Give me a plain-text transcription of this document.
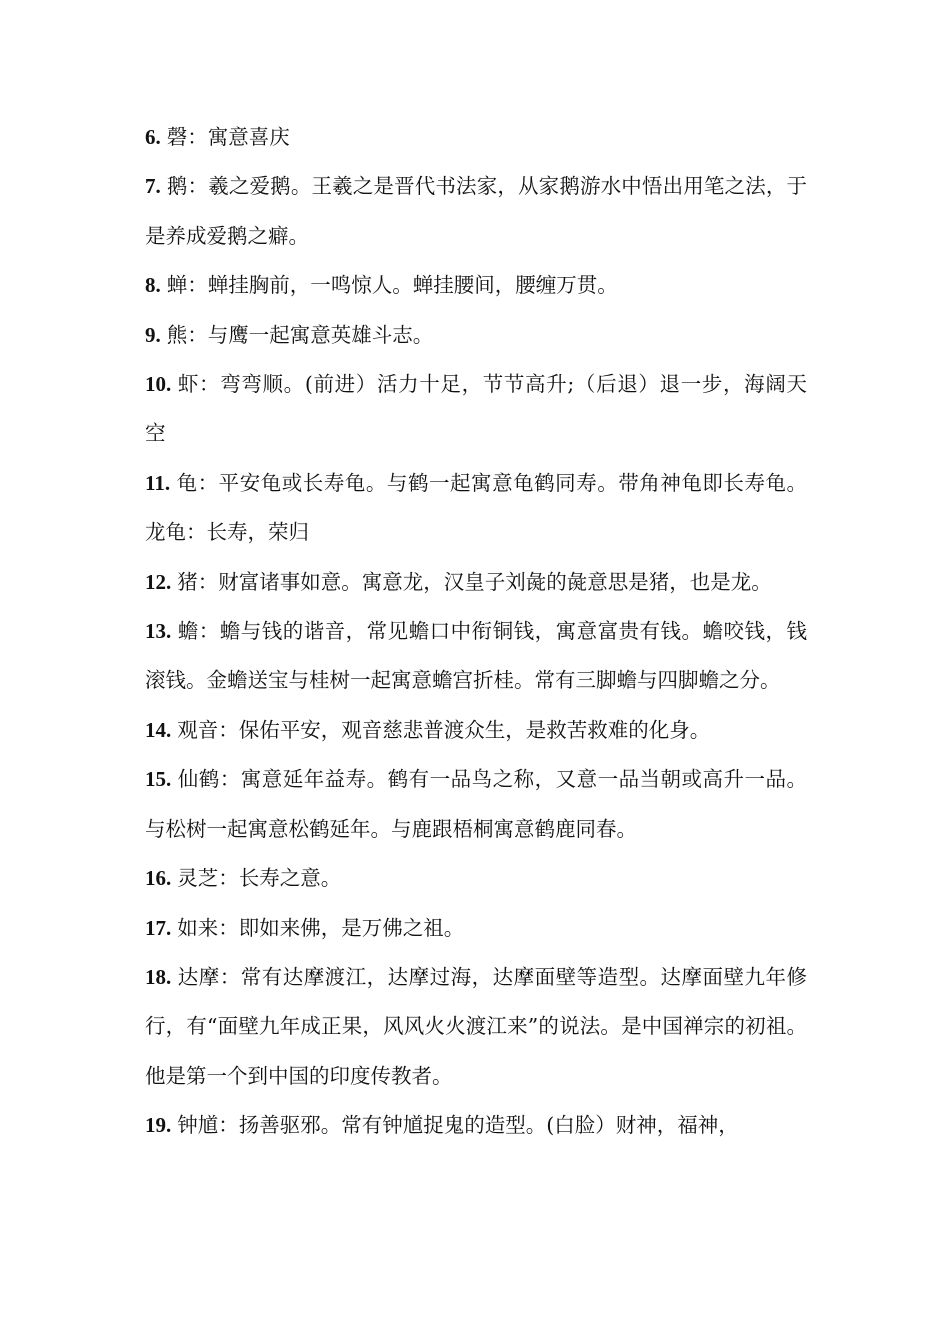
6. 磬：寓意喜庆

7. 鹅：羲之爱鹅。王羲之是晋代书法家，从家鹅游水中悟出用笔之法，于是养成爱鹅之癖。

8. 蝉：蝉挂胸前，一鸣惊人。蝉挂腰间，腰缠万贯。

9. 熊：与鹰一起寓意英雄斗志。

10. 虾：弯弯顺。(前进）活力十足，节节高升;（后退）退一步，海阔天空

11. 龟：平安龟或长寿龟。与鹤一起寓意龟鹤同寿。带角神龟即长寿龟。龙龟：长寿，荣归

12. 猪：财富诸事如意。寓意龙，汉皇子刘彘的彘意思是猪，也是龙。

13. 蟾：蟾与钱的谐音，常见蟾口中衔铜钱，寓意富贵有钱。蟾咬钱，钱滚钱。金蟾送宝与桂树一起寓意蟾宫折桂。常有三脚蟾与四脚蟾之分。

14. 观音：保佑平安，观音慈悲普渡众生，是救苦救难的化身。

15. 仙鹤：寓意延年益寿。鹤有一品鸟之称，又意一品当朝或高升一品。与松树一起寓意松鹤延年。与鹿跟梧桐寓意鹤鹿同春。

16. 灵芝：长寿之意。

17. 如来：即如来佛，是万佛之祖。

18. 达摩：常有达摩渡江，达摩过海，达摩面壁等造型。达摩面壁九年修行，有“面壁九年成正果，风风火火渡江来”的说法。是中国禅宗的初祖。他是第一个到中国的印度传教者。

19. 钟馗：扬善驱邪。常有钟馗捉鬼的造型。(白脸）财神，福神，
